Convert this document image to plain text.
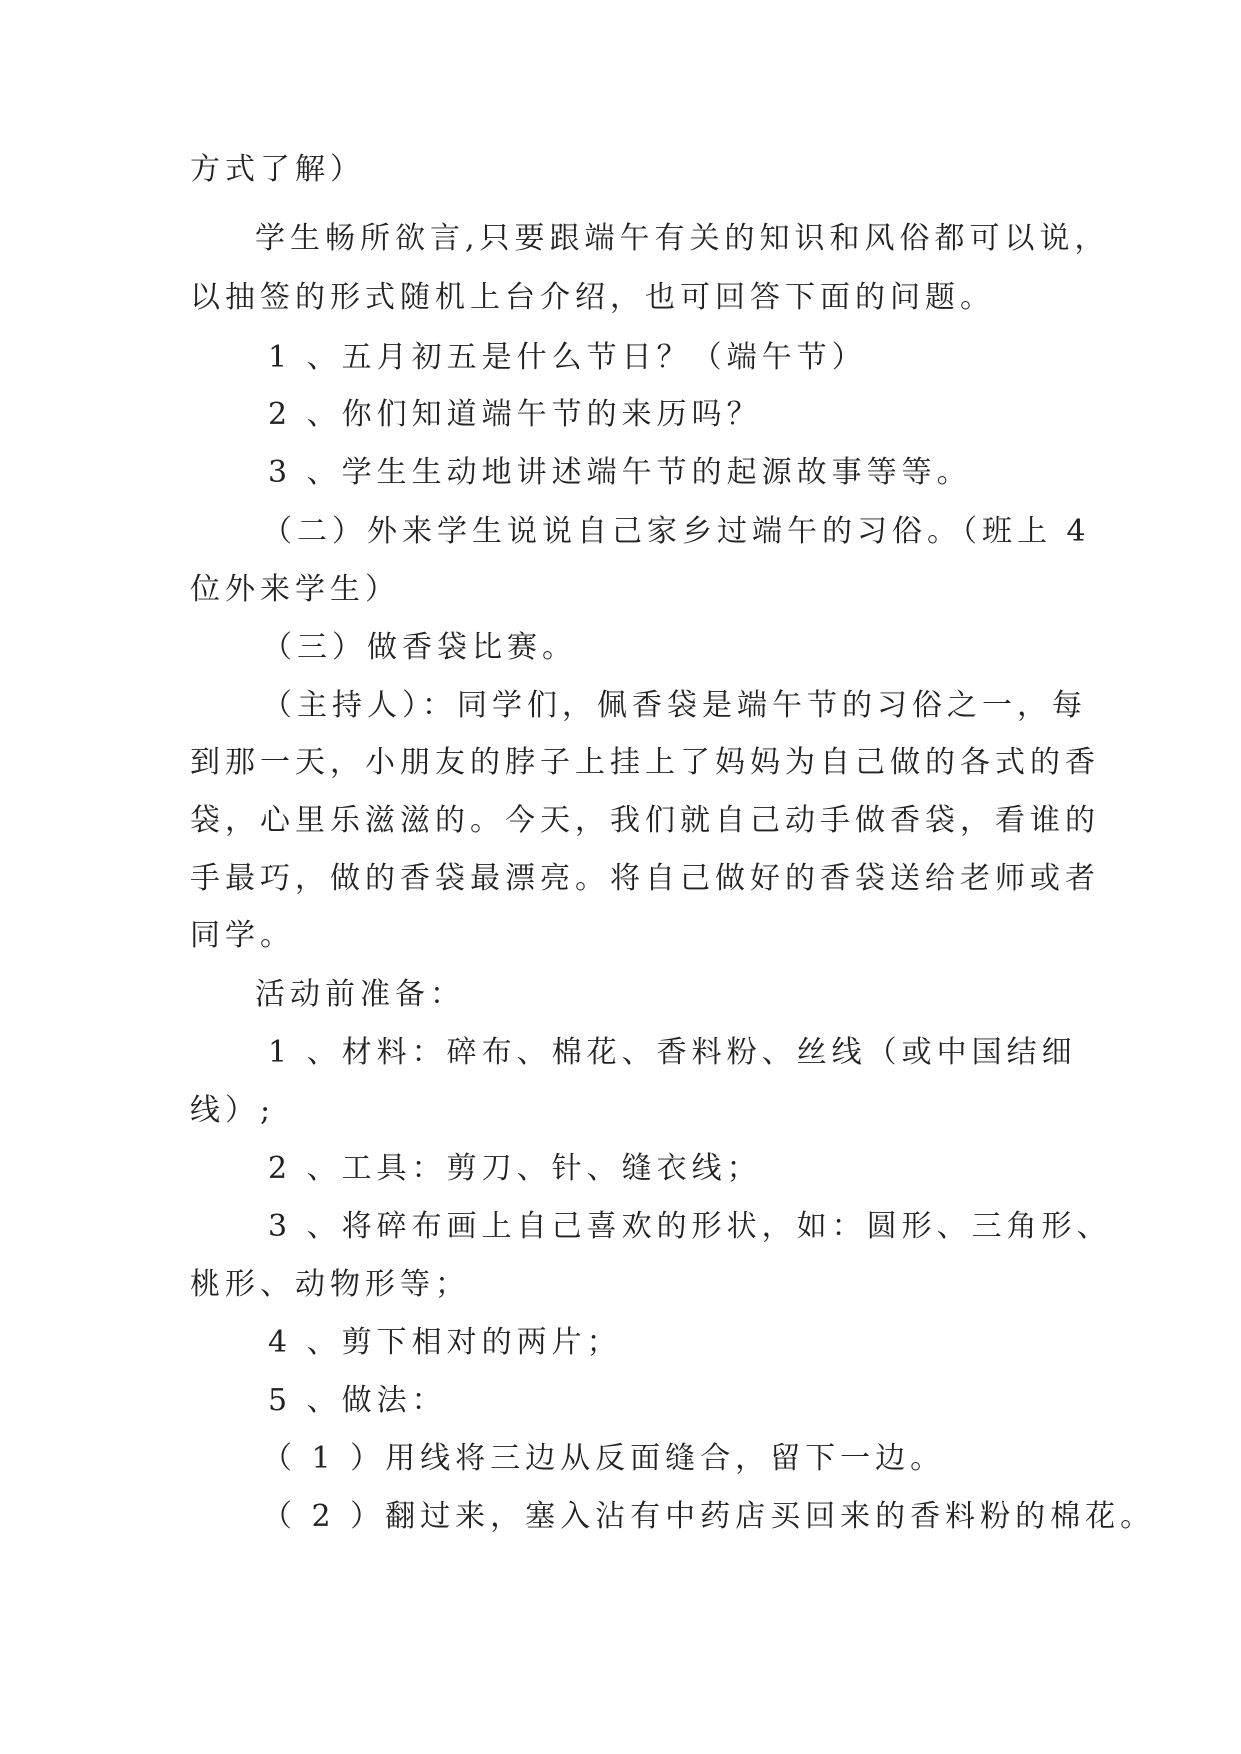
方式了解）
学生畅所欲言,只要跟端午有关的知识和风俗都可以说，
以抽签的形式随机上台介绍，也可回答下面的问题。
1 、五月初五是什么节日？（端午节）
2 、你们知道端午节的来历吗？
3 、学生生动地讲述端午节的起源故事等等。
（二）外来学生说说自己家乡过端午的习俗。（班上 4
位外来学生）
（三）做香袋比赛。
（主持人）：同学们，佩香袋是端午节的习俗之一，每
到那一天，小朋友的脖子上挂上了妈妈为自己做的各式的香
袋，心里乐滋滋的。今天，我们就自己动手做香袋，看谁的
手最巧，做的香袋最漂亮。将自己做好的香袋送给老师或者
同学。
活动前准备：
1 、材料：碎布、棉花、香料粉、丝线（或中国结细
线）;
2 、工具：剪刀、针、缝衣线；
3 、将碎布画上自己喜欢的形状，如：圆形、三角形、
桃形、动物形等；
4 、剪下相对的两片；
5 、做法：
（ 1 ）用线将三边从反面缝合，留下一边。
（ 2 ）翻过来，塞入沾有中药店买回来的香料粉的棉花。
